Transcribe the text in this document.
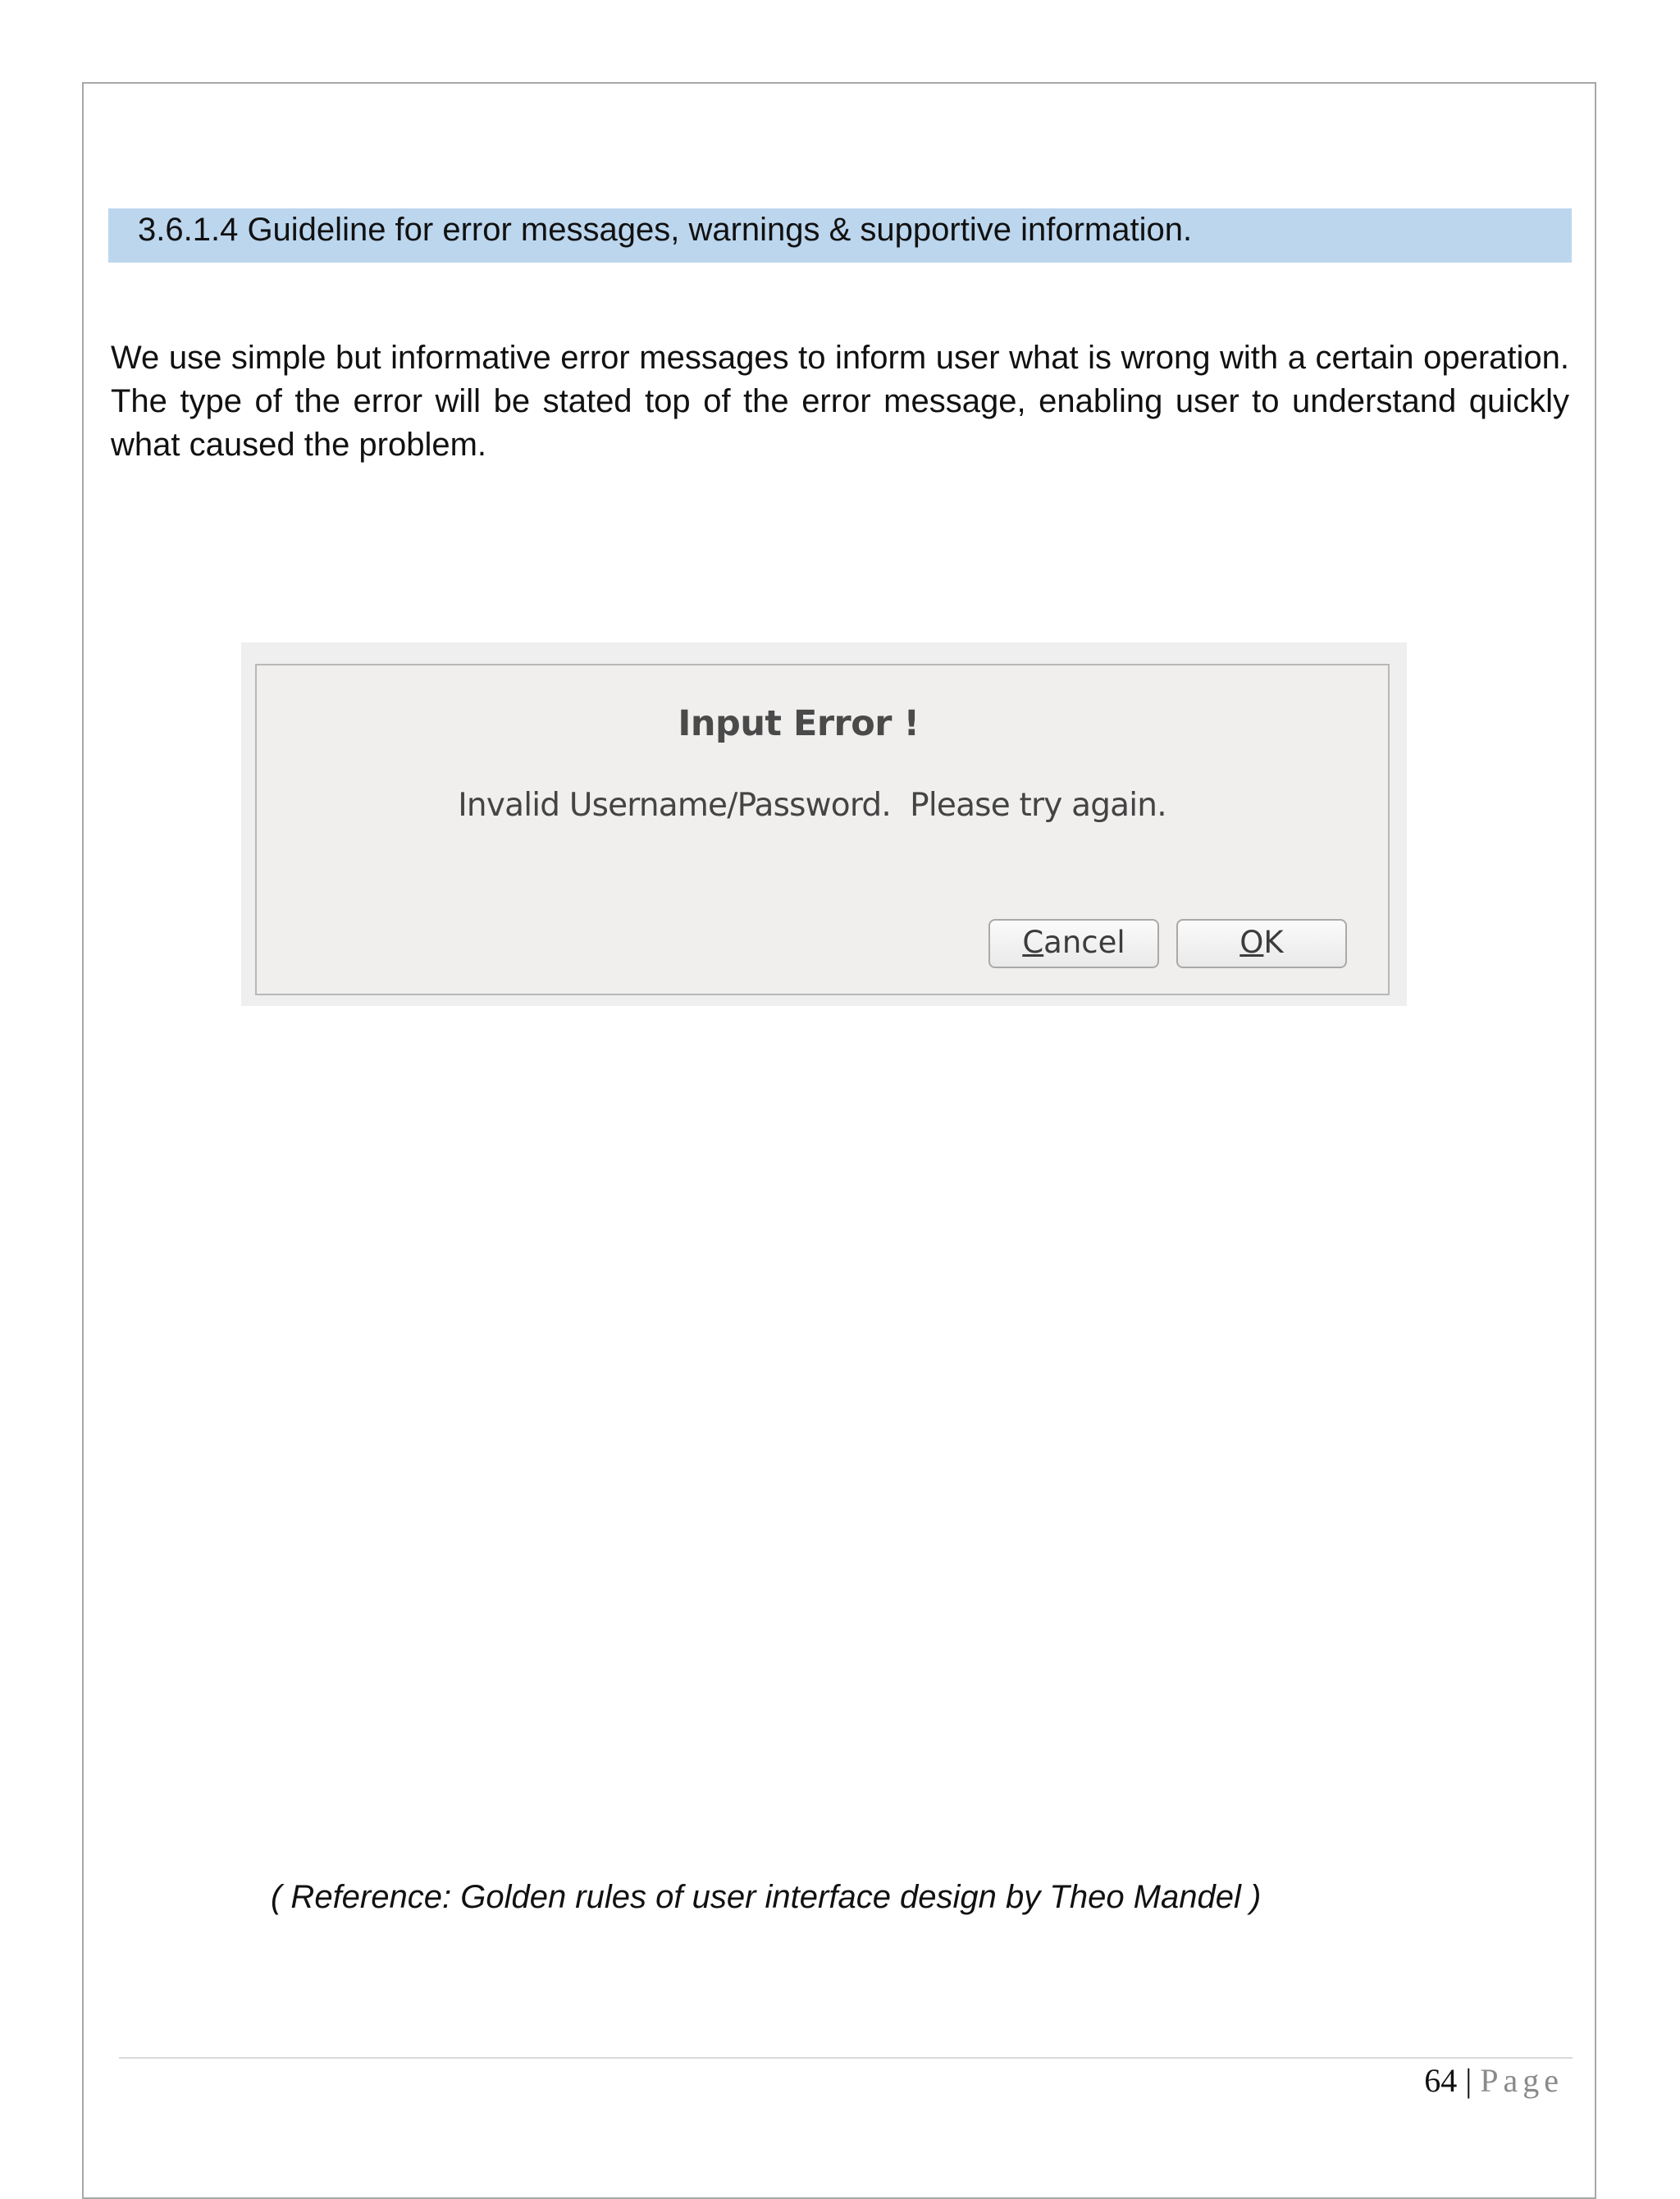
3.6.1.4 Guideline for error messages, warnings & supportive information.

We use simple but informative error messages to inform user what is wrong with a certain operation. The type of the error will be stated top of the error message, enabling user to understand quickly what caused the problem.

Input Error !
Invalid Username/Password.  Please try again.
Cancel	OK
( Reference: Golden rules of user interface design by Theo Mandel )
64 | Page
